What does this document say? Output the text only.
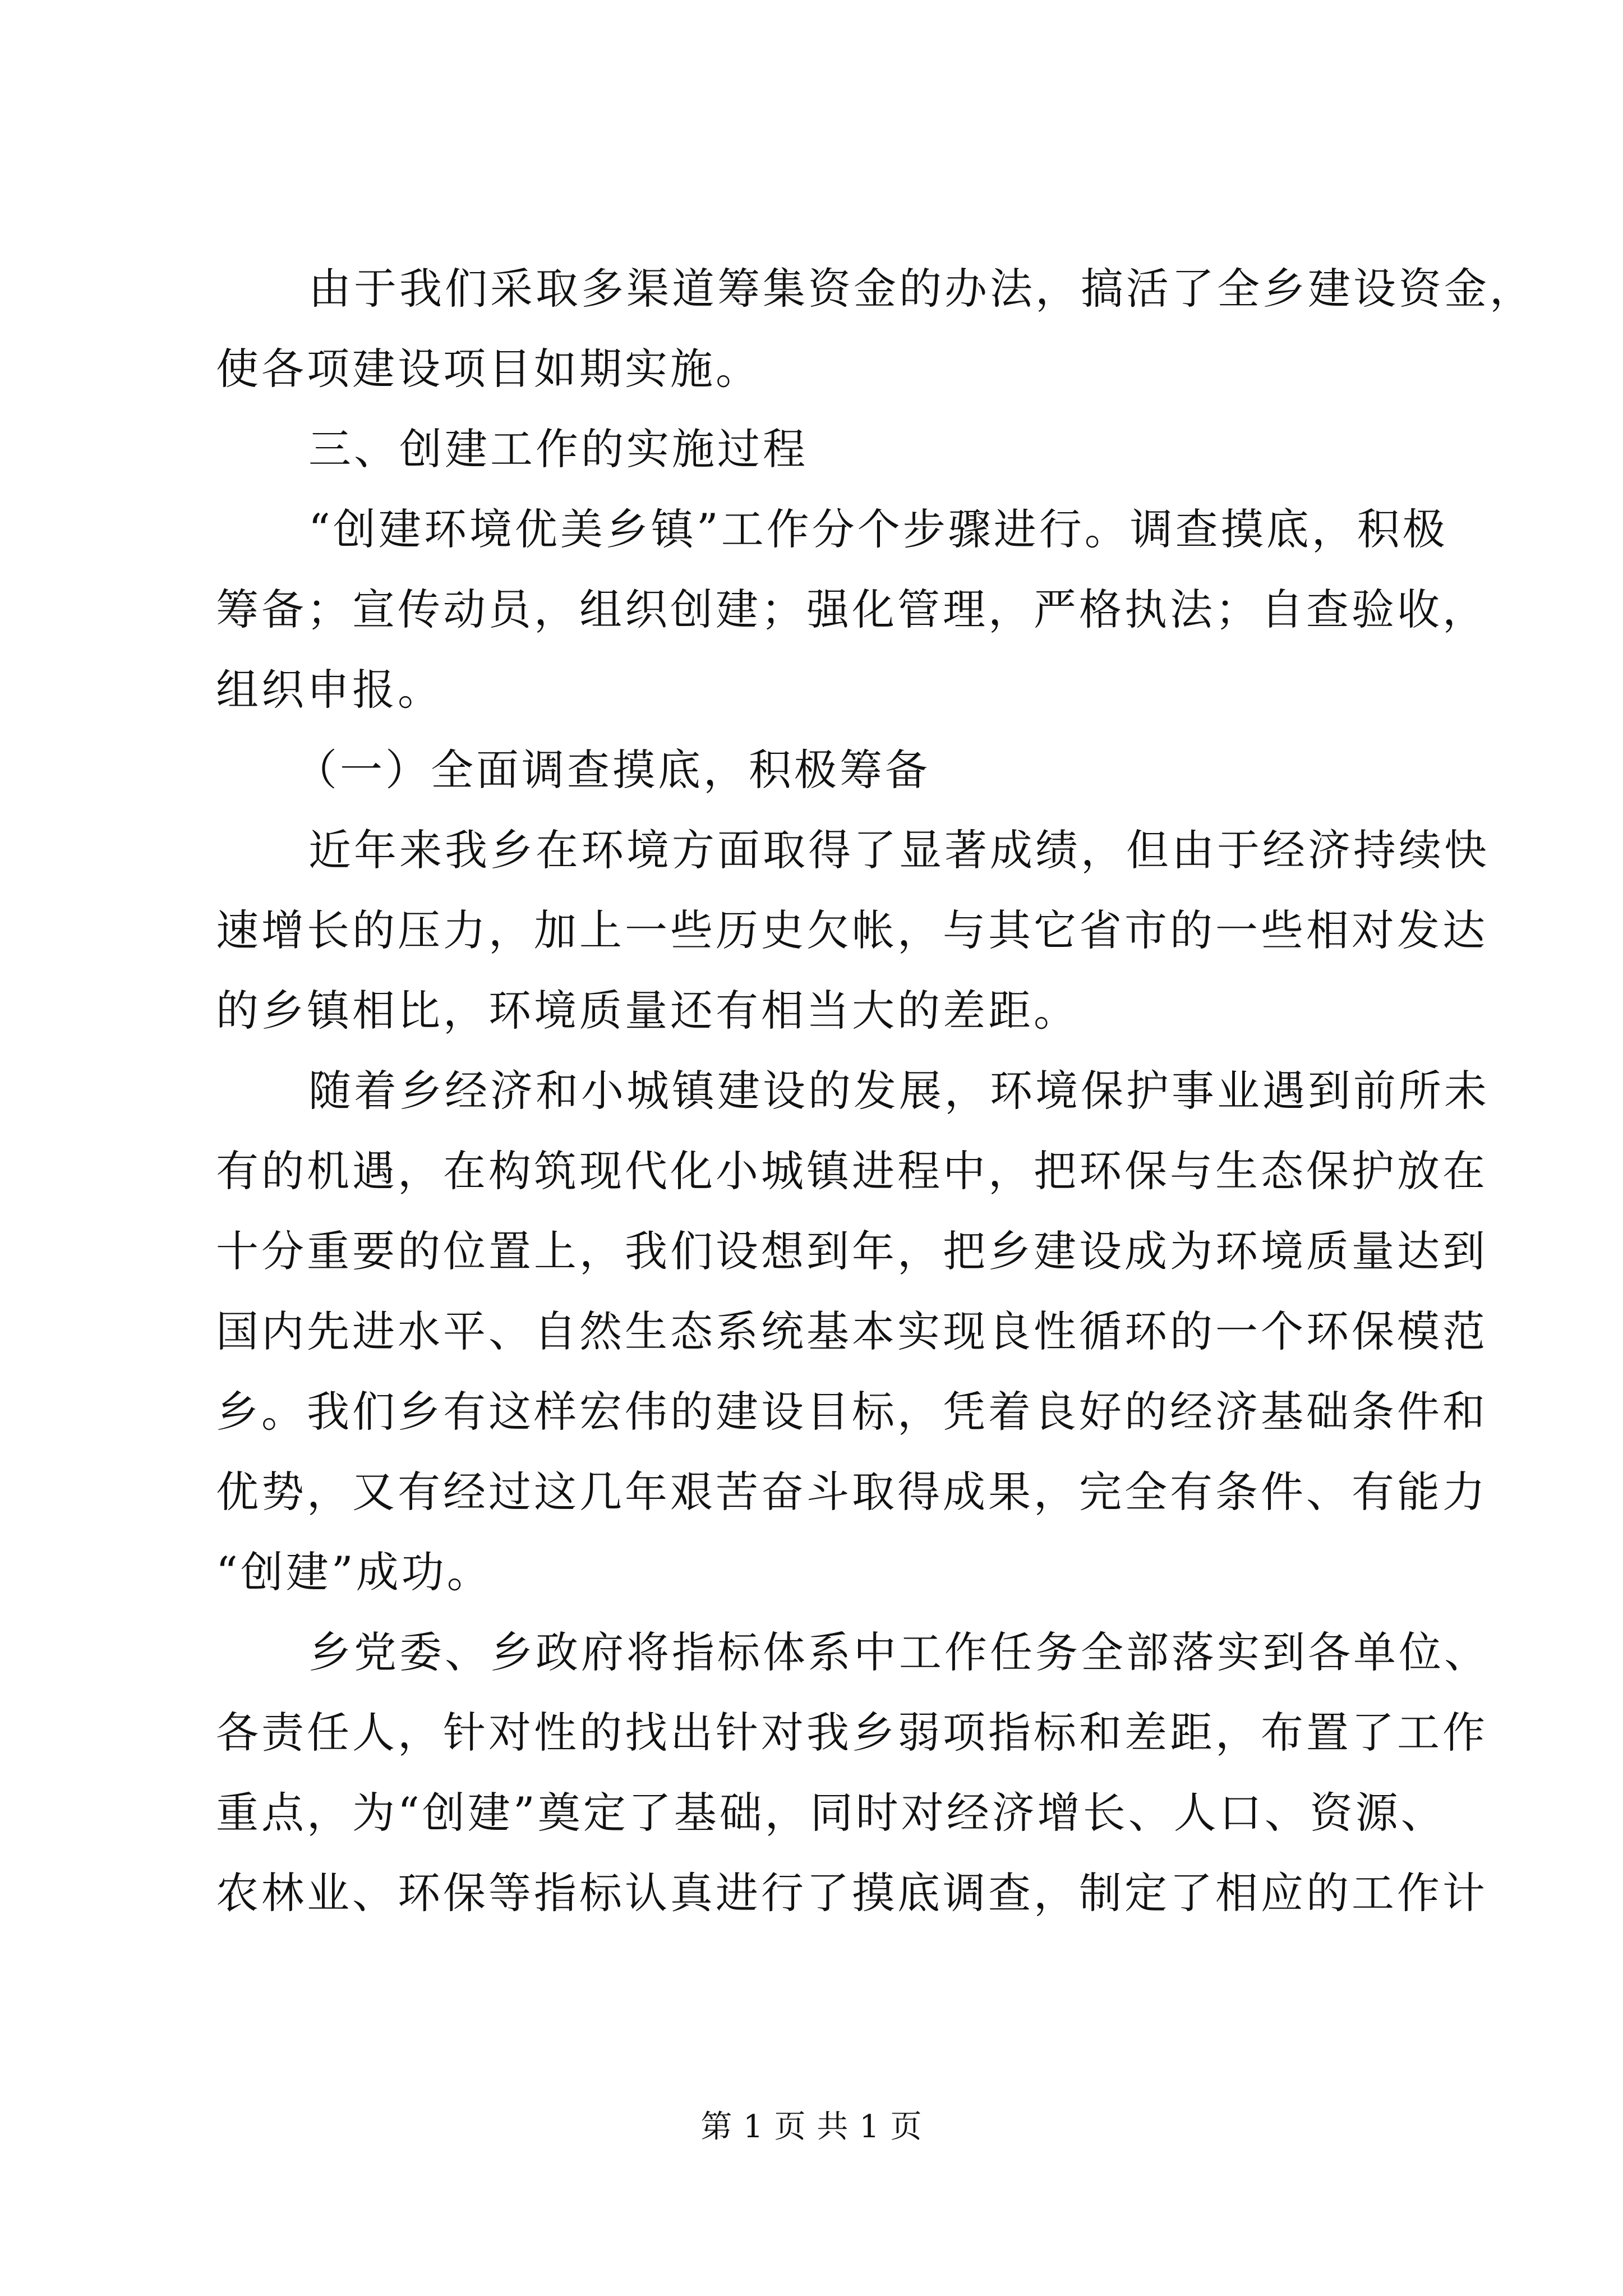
由于我们采取多渠道筹集资金的办法，搞活了全乡建设资金，
使各项建设项目如期实施。
三、创建工作的实施过程
“创建环境优美乡镇”工作分个步骤进行。调查摸底，积极
筹备；宣传动员，组织创建；强化管理，严格执法；自查验收，
组织申报。
（一）全面调查摸底，积极筹备
近年来我乡在环境方面取得了显著成绩，但由于经济持续快
速增长的压力，加上一些历史欠帐，与其它省市的一些相对发达
的乡镇相比，环境质量还有相当大的差距。
随着乡经济和小城镇建设的发展，环境保护事业遇到前所未
有的机遇，在构筑现代化小城镇进程中，把环保与生态保护放在
十分重要的位置上，我们设想到年，把乡建设成为环境质量达到
国内先进水平、自然生态系统基本实现良性循环的一个环保模范
乡。我们乡有这样宏伟的建设目标，凭着良好的经济基础条件和
优势，又有经过这几年艰苦奋斗取得成果，完全有条件、有能力
“创建”成功。
乡党委、乡政府将指标体系中工作任务全部落实到各单位、
各责任人，针对性的找出针对我乡弱项指标和差距，布置了工作
重点，为“创建”奠定了基础，同时对经济增长、人口、资源、
农林业、环保等指标认真进行了摸底调查，制定了相应的工作计
第 1 页 共 1 页
